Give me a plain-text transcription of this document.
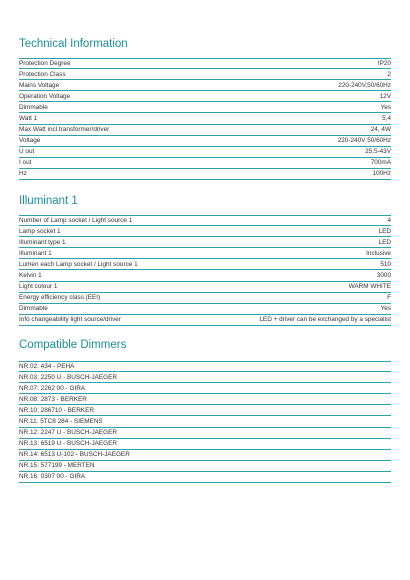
Technical Information
Protection Degree	IP20
Protection Class	2
Mains Voltage	220-240V,50/60Hz
Operation Voltage	12V
Dimmable	Yes
Watt 1	5,4
Max.Watt incl.transformer/driver	24, 4W
Voltage	220-240V 50/60Hz
U out	25,5-43V
I out	700mA
Hz	100Hz
Illuminant 1
Number of Lamp socket / Light source 1	4
Lamp socket 1	LED
Illuminant type 1	LED
Illuminant 1	Inclusive
Lumen each Lamp socket / Light source 1	510
Kelvin 1	3000
Light colour 1	WARM WHITE
Energy efficiency class (EEI)	F
Dimmable	Yes
Info changeability light source/driver	LED + driver can be exchanged by a specialist
Compatible Dimmers
NR.02: 434 - PEHA
NR.03: 2250 U - BUSCH-JAEGER
NR.07: 2262 00 - GIRA
NR.08: 2873 - BERKER
NR.10: 286710 - BERKER
NR.11: 5TC8 284 - SIEMENS
NR.12: 2247 U - BUSCH-JAEGER
NR.13: 6519 U - BUSCH-JAEGER
NR.14: 6513 U-102 - BUSCH-JAEGER
NR.15: 577199 - MERTEN
NR.16: 0307 00 - GIRA
